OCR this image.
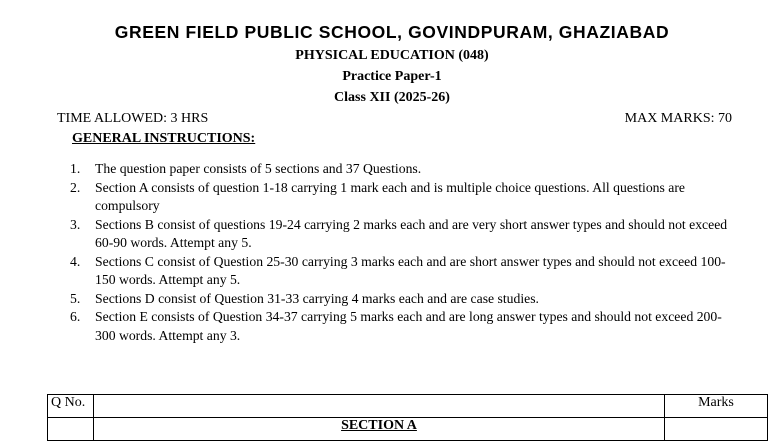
GREEN FIELD PUBLIC SCHOOL, GOVINDPURAM, GHAZIABAD
PHYSICAL EDUCATION (048)
Practice Paper-1
Class XII (2025-26)
TIME ALLOWED: 3 HRS	MAX MARKS: 70
GENERAL INSTRUCTIONS:
1. The question paper consists of 5 sections and 37 Questions.
2. Section A consists of question 1-18 carrying 1 mark each and is multiple choice questions. All questions are compulsory
3. Sections B consist of questions 19-24 carrying 2 marks each and are very short answer types and should not exceed 60-90 words. Attempt any 5.
4. Sections C consist of Question 25-30 carrying 3 marks each and are short answer types and should not exceed 100-150 words. Attempt any 5.
5. Sections D consist of Question 31-33 carrying 4 marks each and are case studies.
6. Section E consists of Question 34-37 carrying 5 marks each and are long answer types and should not exceed 200-300 words. Attempt any 3.
Q No.		Marks
	SECTION A	
